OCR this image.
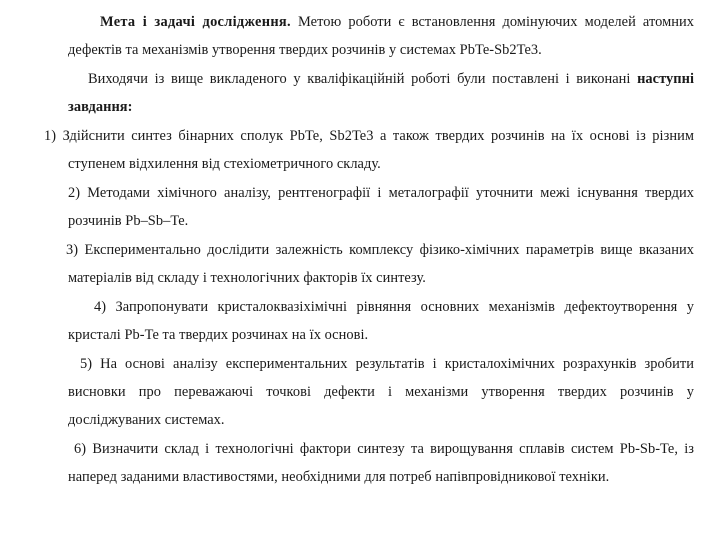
Мета і задачі дослідження. Метою роботи є встановлення домінуючих моделей атомних
дефектів та механізмів утворення твердих розчинів у системах PbTe-Sb2Te3.
Виходячи із вище викладеного у кваліфікаційній роботі були поставлені і виконані наступні
завдання:
1) Здійснити синтез бінарних сполук PbTe, Sb2Te3 а також твердих розчинів на їх основі із різним
ступенем відхилення від стехіометричного складу.
2) Методами хімічного аналізу, рентгенографії і металографії уточнити межі існування твердих
розчинів Pb–Sb–Te.
3) Експериментально дослідити залежність комплексу фізико-хімічних параметрів вище вказаних
матеріалів від складу і технологічних факторів їх синтезу.
4) Запропонувати кристалоквазіхімічні рівняння основних механізмів дефектоутворення у
кристалі Pb-Te та твердих розчинах на їх основі.
5) На основі аналізу експериментальних результатів і кристалохімічних розрахунків зробити
висновки про переважаючі точкові дефекти і механізми утворення твердих розчинів у
досліджуваних системах.
6) Визначити склад і технологічні фактори синтезу та вирощування сплавів систем Pb-Sb-Te, із
наперед заданими властивостями, необхідними для потреб напівпровідникової техніки.
